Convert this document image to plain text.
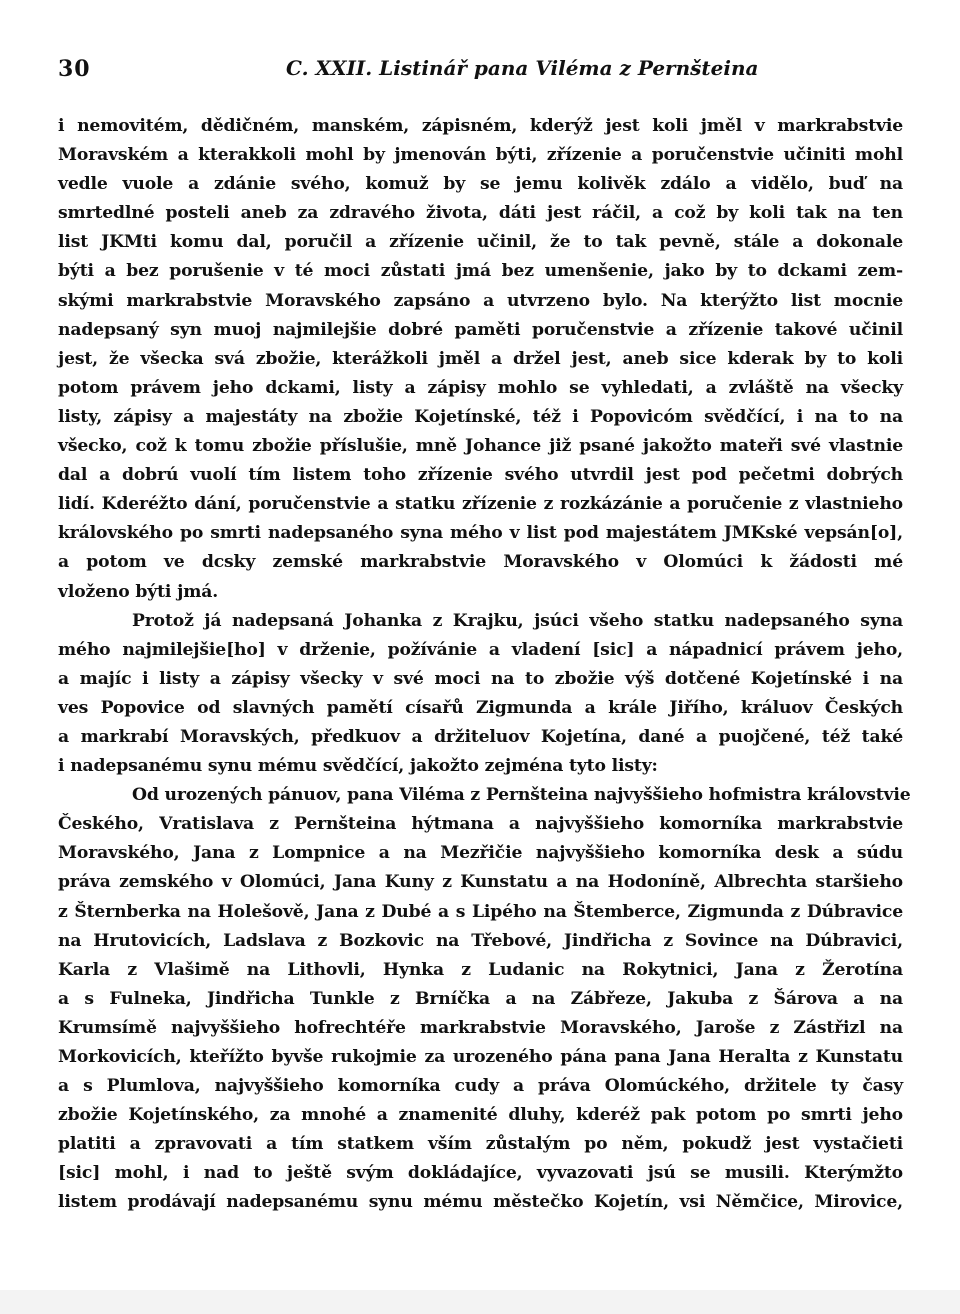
30	C. XXII. Listinář pana Viléma z Pernšteina
i nemovitém, dědičném, manském, zápisném, kderýž jest koli jměl v markrabstvie
Moravském a kterakkoli mohl by jmenován býti, zřízenie a poručenstvie učiniti mohl
vedle vuole a zdánie svého, komuž by se jemu kolivěk zdálo a vidělo, buď na
smrtedlné posteli aneb za zdravého života, dáti jest ráčil, a což by koli tak na ten
list JKMti komu dal, poručil a zřízenie učinil, že to tak pevně, stále a dokonale
býti a bez porušenie v té moci zůstati jmá bez umenšenie, jako by to dckami zem-
skými markrabstvie Moravského zapsáno a utvrzeno bylo. Na kterýžto list mocnie
nadepsaný syn muoj najmilejšie dobré paměti poručenstvie a zřízenie takové učinil
jest, že všecka svá zbožie, kterážkoli jměl a držel jest, aneb sice kderak by to koli
potom právem jeho dckami, listy a zápisy mohlo se vyhledati, a zvláště na všecky
listy, zápisy a majestáty na zbožie Kojetínské, též i Popovicóm svědčící, i na to na
všecko, což k tomu zbožie příslušie, mně Johance již psané jakožto mateři své vlastnie
dal a dobrú vuolí tím listem toho zřízenie svého utvrdil jest pod pečetmi dobrých
lidí. Kderéžto dání, poručenstvie a statku zřízenie z rozkázánie a poručenie z vlastnieho
královského po smrti nadepsaného syna mého v list pod majestátem JMKské vepsán[o],
a potom ve dcsky zemské markrabstvie Moravského v Olomúci k žádosti mé
vloženo býti jmá.
Protož já nadepsaná Johanka z Krajku, jsúci všeho statku nadepsaného syna
mého najmilejšie[ho] v drženie, požívánie a vladení [sic] a nápadnicí právem jeho,
a majíc i listy a zápisy všecky v své moci na to zbožie výš dotčené Kojetínské i na
ves Popovice od slavných pamětí císařů Zigmunda a krále Jiřího, králuov Českých
a markrabí Moravských, předkuov a držiteluov Kojetína, dané a puojčené, též také
i nadepsanému synu mému svědčící, jakožto zejména tyto listy:
Od urozených pánuov, pana Viléma z Pernšteina najvyššieho hofmistra královstvie
Českého, Vratislava z Pernšteina hýtmana a najvyššieho komorníka markrabstvie
Moravského, Jana z Lompnice a na Mezřičie najvyššieho komorníka desk a súdu
práva zemského v Olomúci, Jana Kuny z Kunstatu a na Hodoníně, Albrechta staršieho
z Šternberka na Holešově, Jana z Dubé a s Lipého na Štemberce, Zigmunda z Dúbravice
na Hrutovicích, Ladslava z Bozkovic na Třebové, Jindřicha z Sovince na Dúbravici,
Karla z Vlašimě na Lithovli, Hynka z Ludanic na Rokytnici, Jana z Žerotína
a s Fulneka, Jindřicha Tunkle z Brníčka a na Zábřeze, Jakuba z Šárova a na
Krumsímě najvyššieho hofrechtéře markrabstvie Moravského, Jaroše z Zástřizl na
Morkovicích, kteřížto byvše rukojmie za urozeného pána pana Jana Heralta z Kunstatu
a s Plumlova, najvyššieho komorníka cudy a práva Olomúckého, držitele ty časy
zbožie Kojetínského, za mnohé a znamenité dluhy, kderéž pak potom po smrti jeho
platiti a zpravovati a tím statkem vším zůstalým po něm, pokudž jest vystačieti
[sic] mohl, i nad to ještě svým dokládajíce, vyvazovati jsú se musili. Kterýmžto
listem prodávají nadepsanému synu mému městečko Kojetín, vsi Němčice, Mirovice,
